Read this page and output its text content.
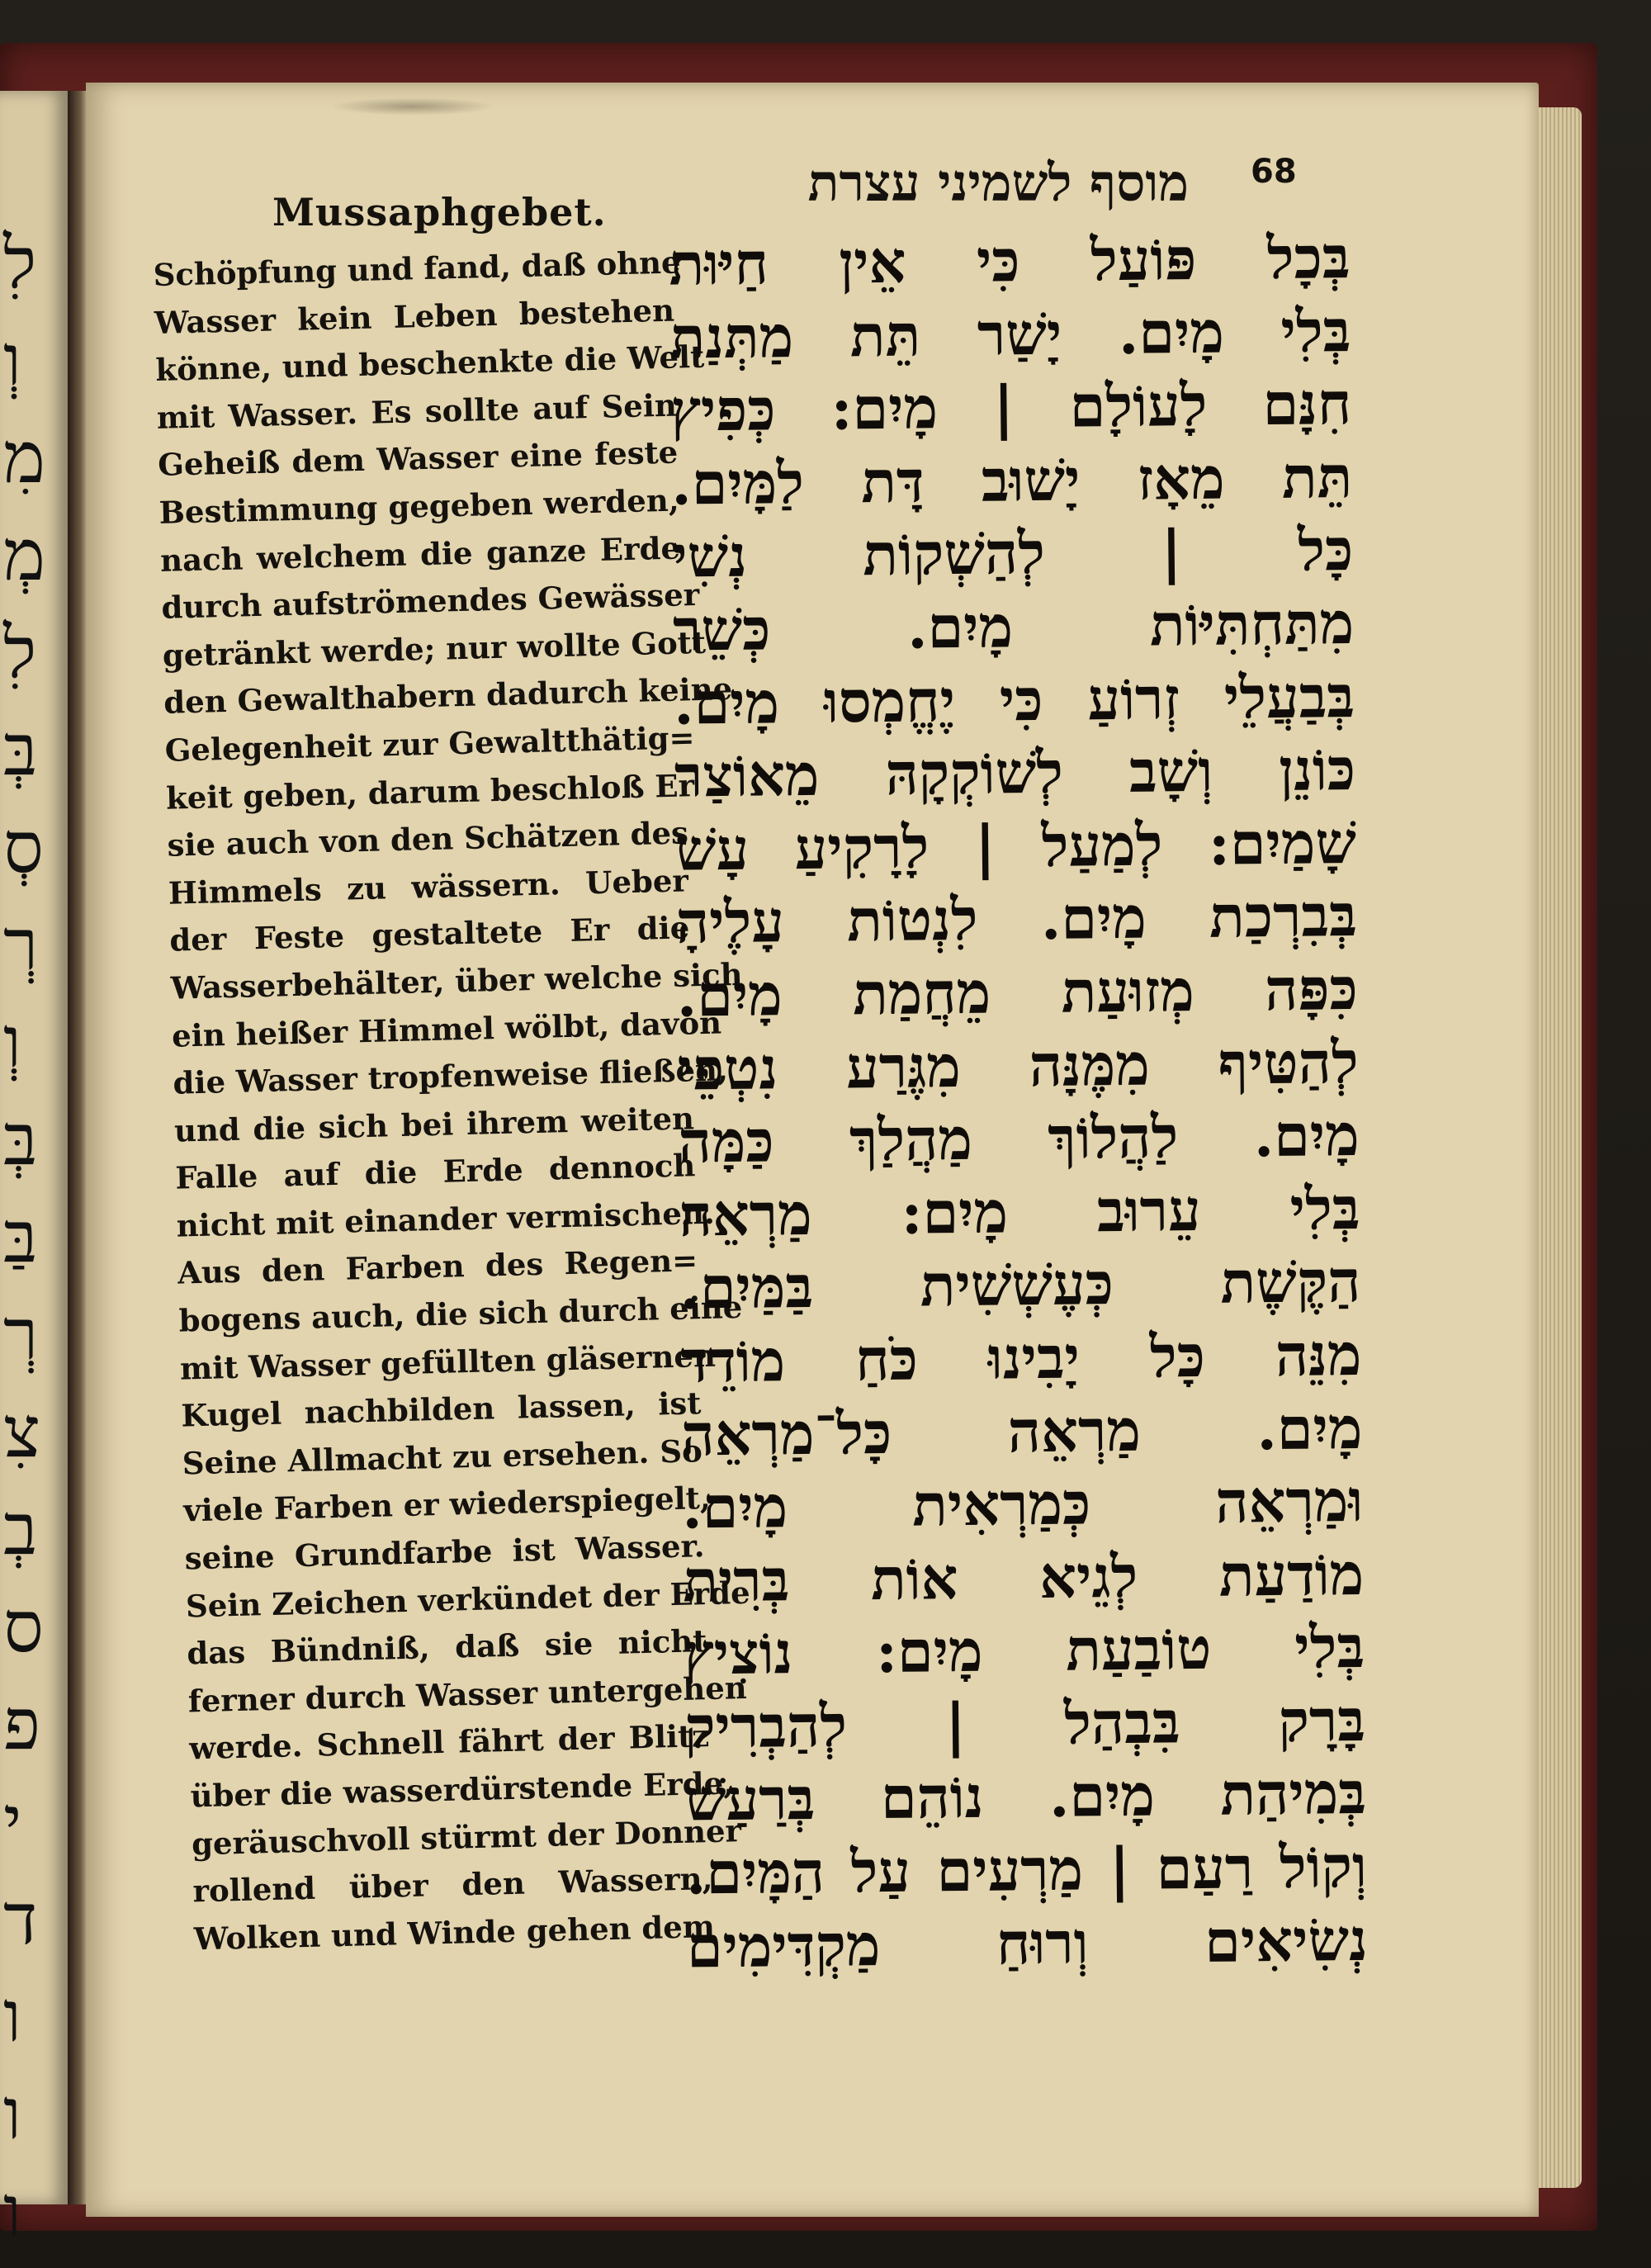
לִ
וְ
מִ
מְ
לִ
בְּ
סְ
רְ
וְ
בְּ
בַּ
רְ
צִ
בְ
ס
פ
י
ד
ו
ו
ו
Mussaphgebet.	מוסף לשמיני עצרת 68
Schöpfung und fand, daß ohne
Wasser kein Leben bestehen
könne, und beschenkte die Welt
mit Wasser. Es sollte auf Sein
Geheiß dem Wasser eine feste
Bestimmung gegeben werden,
nach welchem die ganze Erde
durch aufströmendes Gewässer
getränkt werde; nur wollte Gott
den Gewalthabern dadurch keine
Gelegenheit zur Gewaltthätig=
keit geben, darum beschloß Er
sie auch von den Schätzen des
Himmels zu wässern. Ueber
der Feste gestaltete Er die
Wasserbehälter, über welche sich
ein heißer Himmel wölbt, davon
die Wasser tropfenweise fließen,
und die sich bei ihrem weiten
Falle auf die Erde dennoch
nicht mit einander vermischen.
Aus den Farben des Regen=
bogens auch, die sich durch eine
mit Wasser gefüllten gläsernen
Kugel nachbilden lassen, ist
Seine Allmacht zu ersehen. So
viele Farben er wiederspiegelt,
seine Grundfarbe ist Wasser.
Sein Zeichen verkündet der Erde
das Bündniß, daß sie nicht
ferner durch Wasser untergehen
werde. Schnell fährt der Blitz
über die wasserdürstende Erde,
geräuschvoll stürmt der Donner
rollend über den Wassern,
Wolken und Winde gehen dem
בְּכָל פּוֹעַל כִּי אֵין חַיּוּת
בְּלִי מָיִם. יָשַׁר תֵּת מַתְּנַת
חִנָּם לָעוֹלָם | מָיִם: כְּפִיץ
תֵּת מֵאָז יָשׁוּב דָּת לַמָּיִם.
כָּל | לְהַשְׁקוֹת נְשִׁי
מִתַּחְתִּיּוֹת מָיִם. כְּשֵׁר
בְּבַעֲלֵי זְרוֹעַ כִּי יֶחֱמְסוּ מָיִם.
כּוֹנֵן וְשָׁב לְשׁוֹקְקָהּ מֵאוֹצַר
שָׁמַיִם: לְמַעַל | לָרָקִיעַ עָשׁ
בְּבִרְכַת מָיִם. לִנְטוֹת עָלֶיהָ
כִּפָּה מְזוּעַת מֵחֲמַת מָיִם.
לְהַטִּיף מִמֶּנָּה מִגֶּרַע נִטְפֵי
מָיִם. לַהֲלוֹךְ מַהֲלַךְ כַּמָּה
בְּלִי עֵרוּב מָיִם: מַרְאֵה
הַקֶּשֶׁת כְּעֶשְׁשִׁית בַּמַּיִם.
מִנֵּה כָּל יָבִינוּ כֹּחַ מוֹדֵד
מָיִם. מַרְאֵה כָּל־מַרְאֵה
וּמַרְאֵה כְּמַרְאִית מָיִם.
מוֹדַעַת לְגֵיא אוֹת בְּרִית
בְּלִי טוֹבַעַת מָיִם: נוֹצִיץ
בָּרָק בִּבְהַל | לְהַבְרִיק
בְּמִיהַת מָיִם. נוֹהֵם בְּרַעַשׁ
וְקוֹל רַעַם | מַרְעִים עַל הַמָּיִם.
נְשִׂיאִים וְרוּחַ מַקְדִּימִים
